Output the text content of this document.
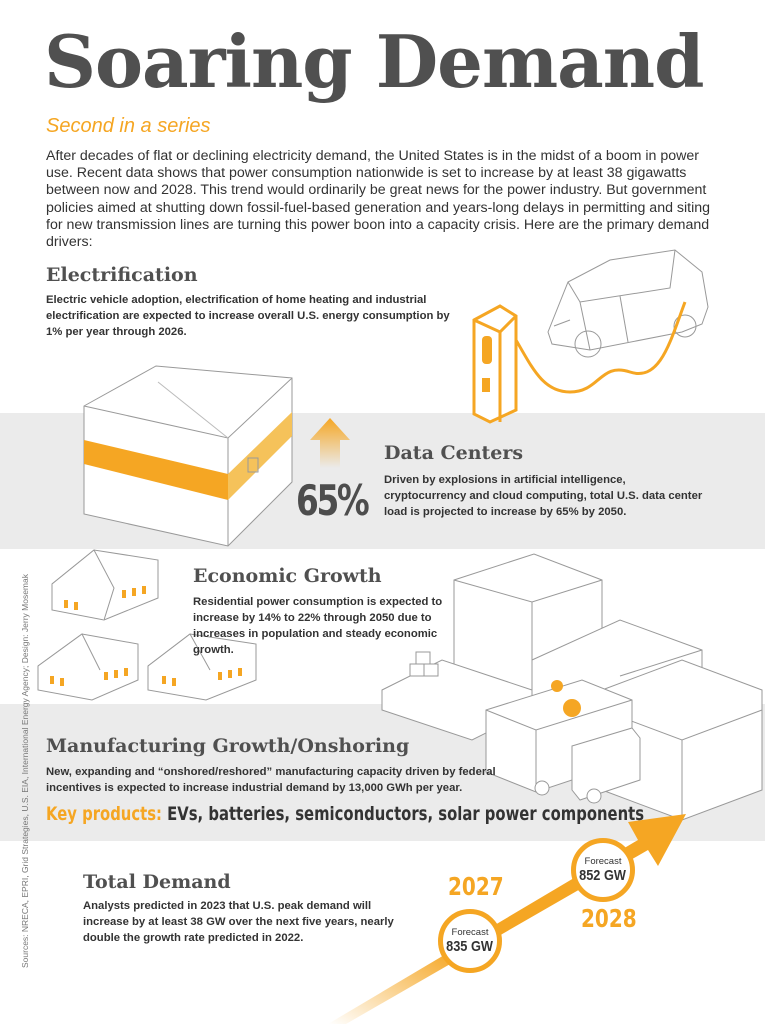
Soaring Demand
Second in a series

After decades of flat or declining electricity demand, the United States is in the midst of a boom in power use. Recent data shows that power consumption nationwide is set to increase by at least 38 gigawatts between now and 2028. This trend would ordinarily be great news for the power industry. But government policies aimed at shutting down fossil-fuel-based generation and years-long delays in permitting and siting for new transmission lines are turning this power boon into a capacity crisis. Here are the primary demand drivers:

Electrification

Electric vehicle adoption, electrification of home heating and industrial electrification are expected to increase overall U.S. energy consumption by 1% per year through 2026.

Data Centers

Driven by explosions in artificial intelligence, cryptocurrency and cloud computing, total U.S. data center load is projected to increase by 65% by 2050.

65%
Economic Growth

Residential power consumption is expected to increase by 14% to 22% through 2050 due to increases in population and steady economic growth.

Manufacturing Growth/Onshoring

New, expanding and “onshored/reshored” manufacturing capacity driven by federal incentives is expected to increase industrial demand by 13,000 GWh per year.

Key products: EVs, batteries, semiconductors, solar power components
Total Demand

Analysts predicted in 2023 that U.S. peak demand will increase by at least 38 GW over the next five years, nearly double the growth rate predicted in 2022.

2027
2028
Forecast
835 GW
Forecast
852 GW
Sources: NRECA, EPRI, Grid Strategies, U.S. EIA, International Energy Agency; Design: Jerry Mosemak
